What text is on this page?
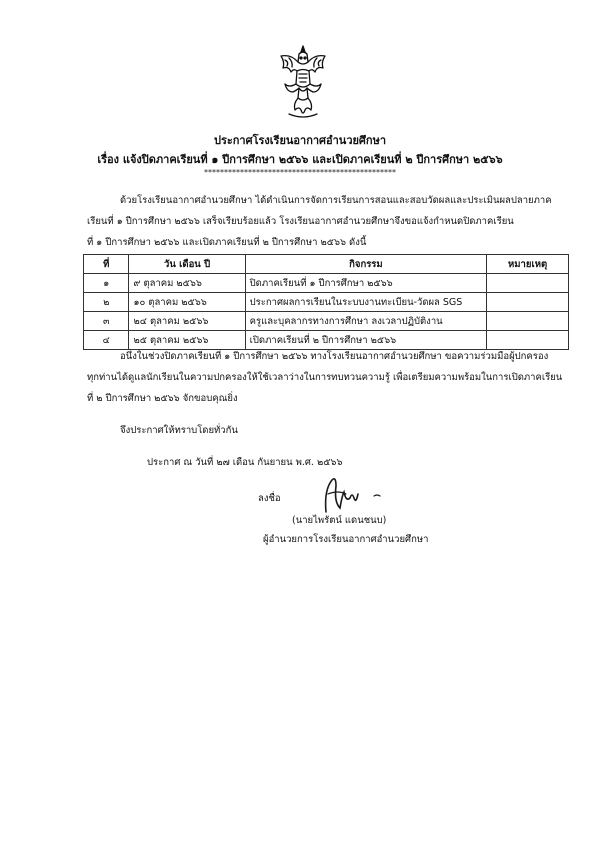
ประกาศโรงเรียนอากาศอำนวยศึกษา
เรื่อง แจ้งปิดภาคเรียนที่ ๑ ปีการศึกษา ๒๕๖๖ และเปิดภาคเรียนที่ ๒ ปีการศึกษา ๒๕๖๖
************************************************
ด้วยโรงเรียนอากาศอำนวยศึกษา ได้ดำเนินการจัดการเรียนการสอนและสอบวัดผลและประเมินผลปลายภาค
เรียนที่ ๑ ปีการศึกษา ๒๕๖๖ เสร็จเรียบร้อยแล้ว โรงเรียนอากาศอำนวยศึกษาจึงขอแจ้งกำหนดปิดภาคเรียน
ที่ ๑ ปีการศึกษา ๒๕๖๖ และเปิดภาคเรียนที่ ๒ ปีการศึกษา ๒๕๖๖ ดังนี้
ที่	วัน เดือน ปี	กิจกรรม	หมายเหตุ
๑	๙ ตุลาคม ๒๕๖๖	ปิดภาคเรียนที่ ๑ ปีการศึกษา ๒๕๖๖	
๒	๑๐ ตุลาคม ๒๕๖๖	ประกาศผลการเรียนในระบบงานทะเบียน-วัดผล SGS	
๓	๒๔ ตุลาคม ๒๕๖๖	ครูและบุคลากรทางการศึกษา ลงเวลาปฏิบัติงาน	
๔	๒๕ ตุลาคม ๒๕๖๖	เปิดภาคเรียนที่ ๒ ปีการศึกษา ๒๕๖๖	
อนึ่งในช่วงปิดภาคเรียนที่ ๑ ปีการศึกษา ๒๕๖๖ ทางโรงเรียนอากาศอำนวยศึกษา ขอความร่วมมือผู้ปกครอง
ทุกท่านได้ดูแลนักเรียนในความปกครองให้ใช้เวลาว่างในการทบทวนความรู้ เพื่อเตรียมความพร้อมในการเปิดภาคเรียน
ที่ ๒ ปีการศึกษา ๒๕๖๖ จักขอบคุณยิ่ง
จึงประกาศให้ทราบโดยทั่วกัน
ประกาศ ณ วันที่ ๒๗ เดือน กันยายน พ.ศ. ๒๕๖๖
ลงชื่อ
(นายไพรัตน์ แดนชนบ)
ผู้อำนวยการโรงเรียนอากาศอำนวยศึกษา
